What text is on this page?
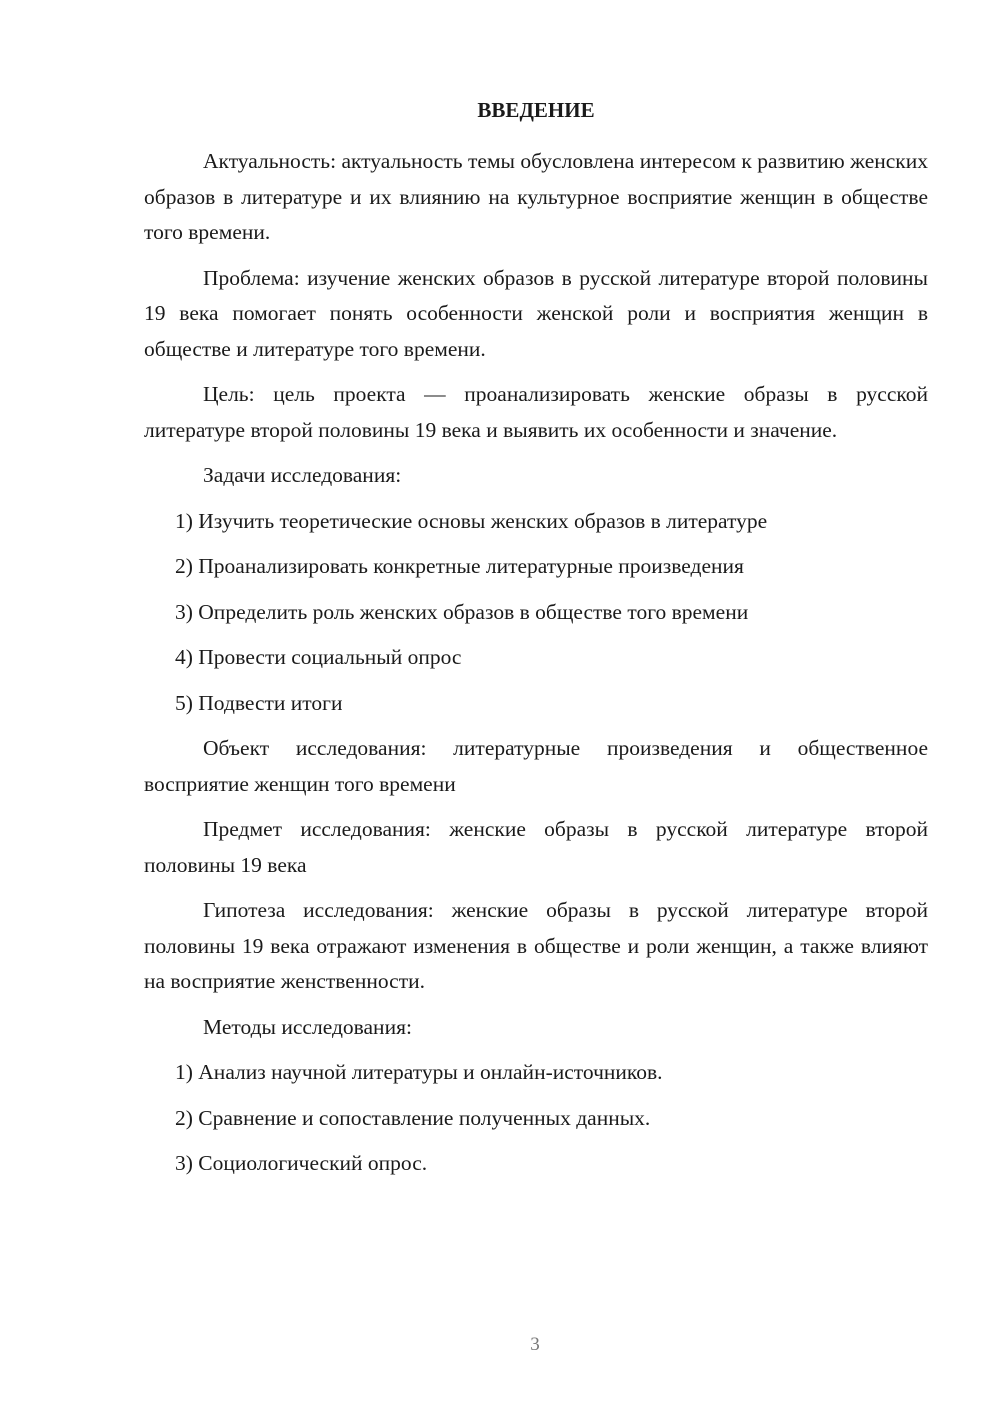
ВВЕДЕНИЕ

Актуальность: актуальность темы обусловлена интересом к развитию женских образов в литературе и их влиянию на культурное восприятие женщин в обществе того времени.

Проблема: изучение женских образов в русской литературе второй половины 19 века помогает понять особенности женской роли и восприятия женщин в обществе и литературе того времени.

Цель: цель проекта — проанализировать женские образы в русской литературе второй половины 19 века и выявить их особенности и значение.

Задачи исследования:

1) Изучить теоретические основы женских образов в литературе

2) Проанализировать конкретные литературные произведения

3) Определить роль женских образов в обществе того времени

4) Провести социальный опрос

5) Подвести итоги

Объект исследования: литературные произведения и общественное восприятие женщин того времени

Предмет исследования: женские образы в русской литературе второй половины 19 века

Гипотеза исследования: женские образы в русской литературе второй половины 19 века отражают изменения в обществе и роли женщин, а также влияют на восприятие женственности.

Методы исследования:

1) Анализ научной литературы и онлайн-источников.

2) Сравнение и сопоставление полученных данных.

3) Социологический опрос.

3
